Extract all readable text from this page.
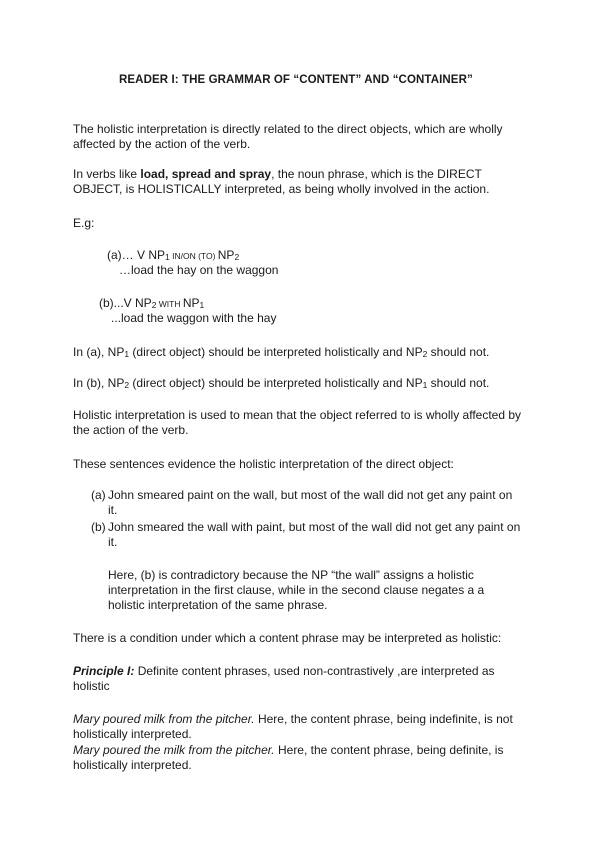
READER I: THE GRAMMAR OF “CONTENT” AND “CONTAINER”
The holistic interpretation is directly related to the direct objects, which are wholly
affected by the action of the verb.
In verbs like load, spread and spray, the noun phrase, which is the DIRECT
OBJECT, is HOLISTICALLY interpreted, as being wholly involved in the action.
E.g:
(a)… V $NP_1$ IN/ON (TO) $NP_2$
…load the hay on the waggon
(b)...V $NP_2$ WITH $NP_1$
...load the waggon with the hay
In (a), $NP_1$ (direct object) should be interpreted holistically and $NP_2$ should not.
In (b), $NP_2$ (direct object) should be interpreted holistically and $NP_1$ should not.
Holistic interpretation is used to mean that the object referred to is wholly affected by
the action of the verb.
These sentences evidence the holistic interpretation of the direct object:
(a) John smeared paint on the wall, but most of the wall did not get any paint on
it.
(b) John smeared the wall with paint, but most of the wall did not get any paint on
it.
Here, (b) is contradictory because the NP “the wall” assigns a holistic
interpretation in the first clause, while in the second clause negates a a
holistic interpretation of the same phrase.
There is a condition under which a content phrase may be interpreted as holistic:
Principle I: Definite content phrases, used non-contrastively ,are interpreted as
holistic
Mary poured milk from the pitcher. Here, the content phrase, being indefinite, is not
holistically interpreted.
Mary poured the milk from the pitcher. Here, the content phrase, being definite, is
holistically interpreted.
